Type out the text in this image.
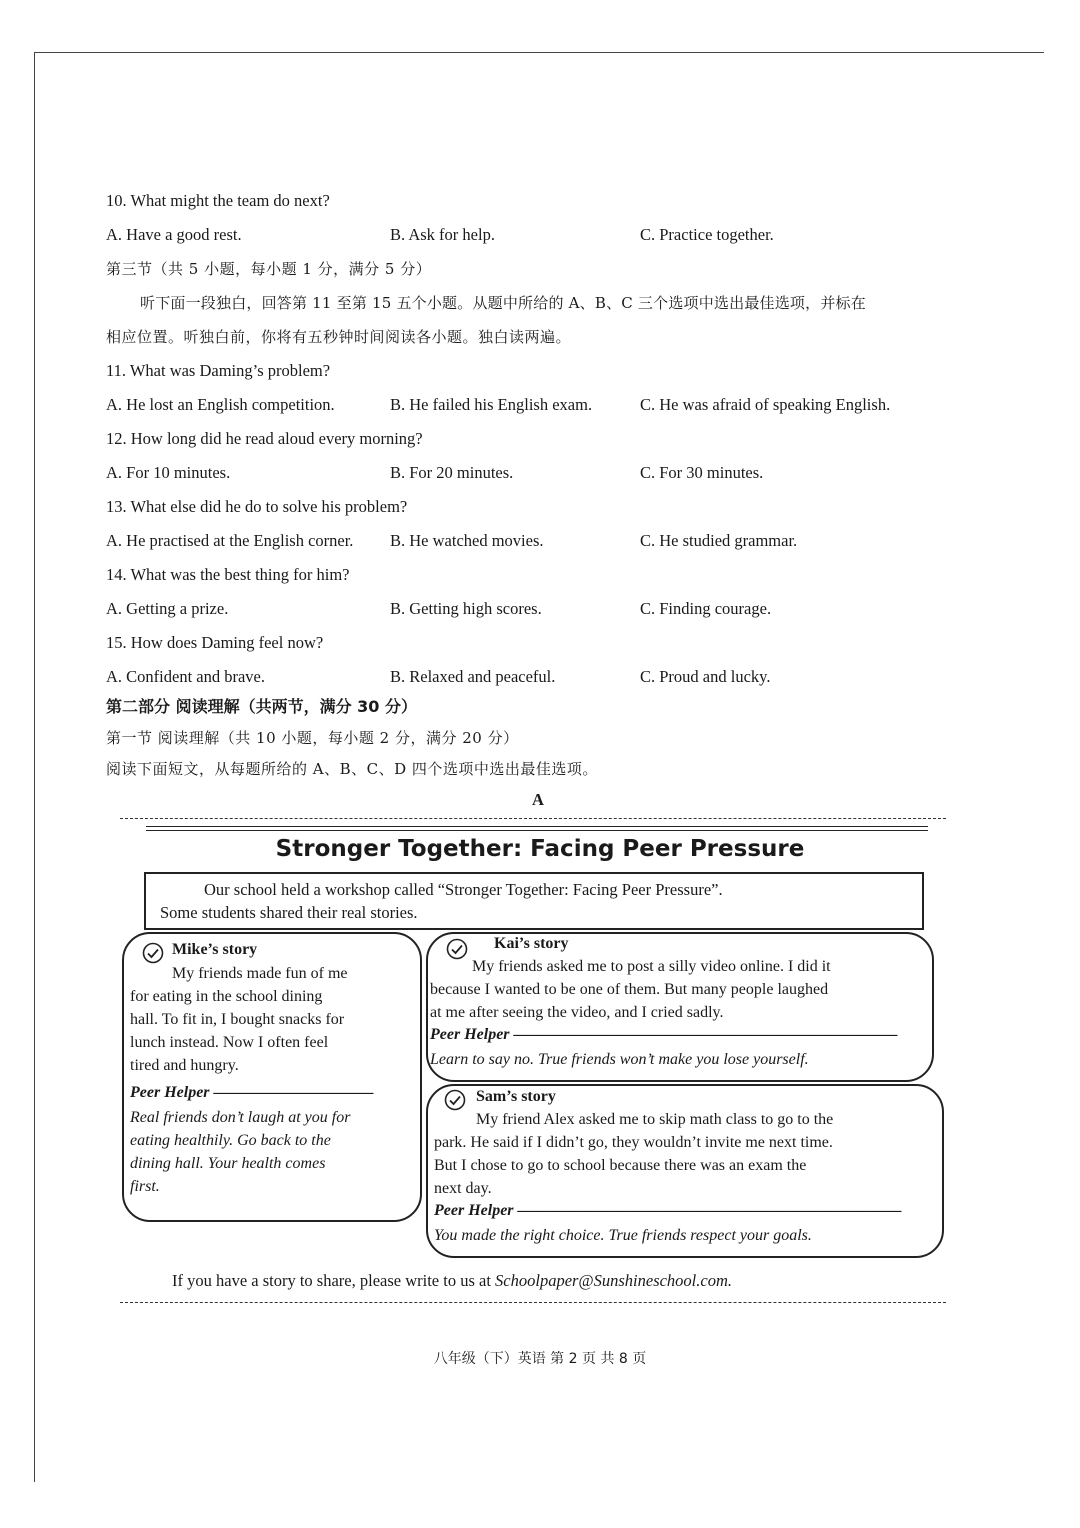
10. What might the team do next?
A. Have a good rest.	B. Ask for help.	C. Practice together.
第三节（共 5 小题，每小题 1 分，满分 5 分）
听下面一段独白，回答第 11 至第 15 五个小题。从题中所给的 A、B、C 三个选项中选出最佳选项，并标在
相应位置。听独白前，你将有五秒钟时间阅读各小题。独白读两遍。
11. What was Daming’s problem?
A. He lost an English competition.	B. He failed his English exam.	C. He was afraid of speaking English.
12. How long did he read aloud every morning?
A. For 10 minutes.	B. For 20 minutes.	C. For 30 minutes.
13. What else did he do to solve his problem?
A. He practised at the English corner. B. He watched movies.	C. He studied grammar.
14. What was the best thing for him?
A. Getting a prize.	B. Getting high scores.	C. Finding courage.
15. How does Daming feel now?
A. Confident and brave.	B. Relaxed and peaceful.	C. Proud and lucky.
第二部分 阅读理解（共两节，满分 30 分）
第一节 阅读理解（共 10 小题，每小题 2 分，满分 20 分）
阅读下面短文，从每题所给的 A、B、C、D 四个选项中选出最佳选项。
A
Stronger Together: Facing Peer Pressure
Our school held a workshop called “Stronger Together: Facing Peer Pressure”.
Some students shared their real stories.
Mike’s story
My friends made fun of me
for eating in the school dining
hall. To fit in, I bought snacks for
lunch instead. Now I often feel
tired and hungry.
Peer Helper ——————————
Real friends don’t laugh at you for
eating healthily. Go back to the
dining hall. Your health comes
first.
Kai’s story
My friends asked me to post a silly video online. I did it
because I wanted to be one of them. But many people laughed
at me after seeing the video, and I cried sadly.
Peer Helper ————————————————————————
Learn to say no. True friends won’t make you lose yourself.
Sam’s story
My friend Alex asked me to skip math class to go to the
park. He said if I didn’t go, they wouldn’t invite me next time.
But I chose to go to school because there was an exam the
next day.
Peer Helper ————————————————————————
You made the right choice. True friends respect your goals.
If you have a story to share, please write to us at Schoolpaper@Sunshineschool.com.
八年级（下）英语 第 2 页 共 8 页
